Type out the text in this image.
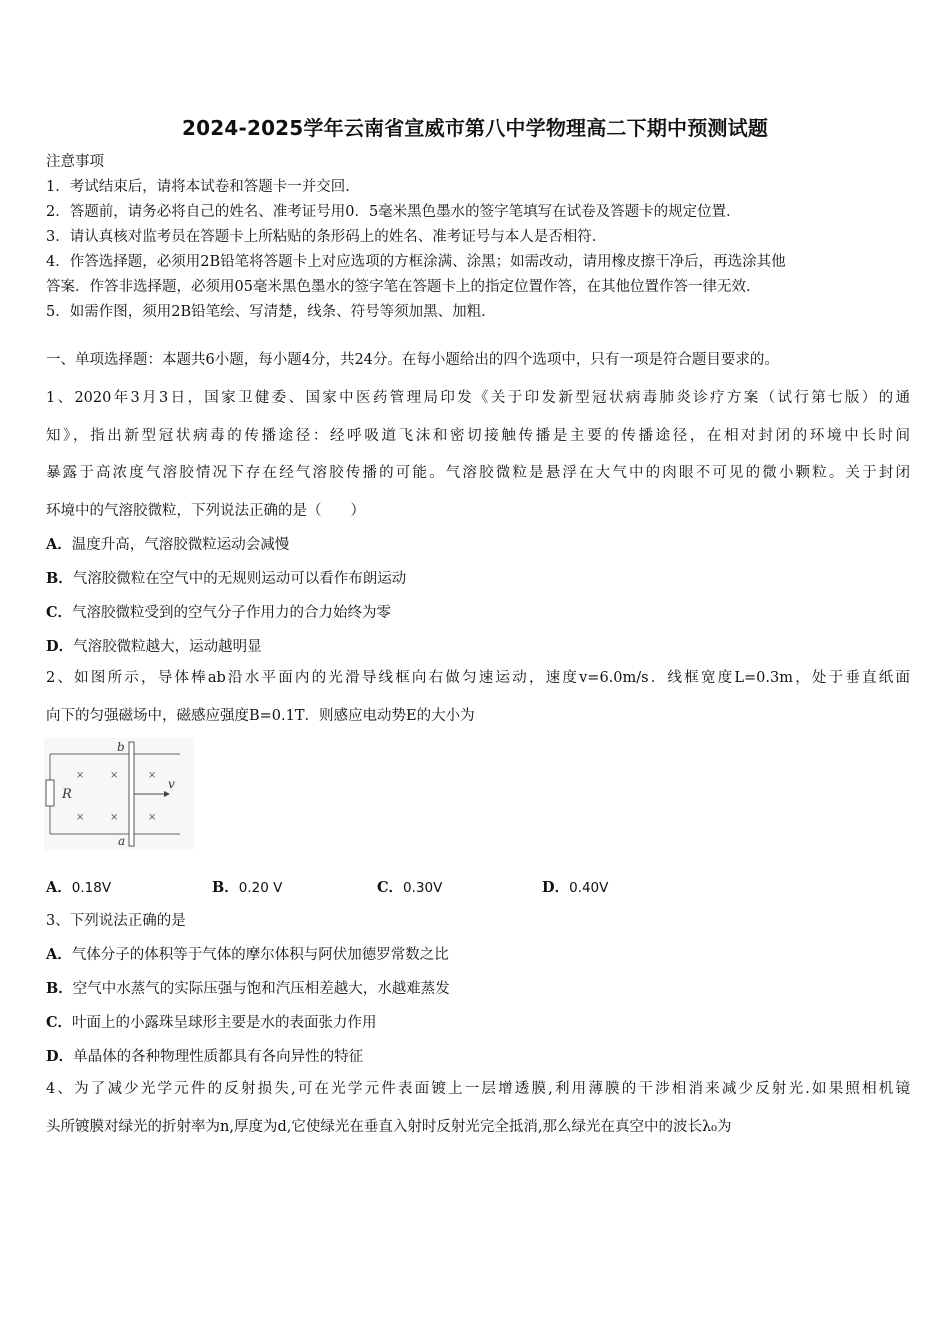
2024-2025学年云南省宣威市第八中学物理高二下期中预测试题
注意事项
1．考试结束后，请将本试卷和答题卡一并交回．
2．答题前，请务必将自己的姓名、准考证号用0．5毫米黑色墨水的签字笔填写在试卷及答题卡的规定位置．
3．请认真核对监考员在答题卡上所粘贴的条形码上的姓名、准考证号与本人是否相符．
4．作答选择题，必须用2B铅笔将答题卡上对应选项的方框涂满、涂黑；如需改动，请用橡皮擦干净后，再选涂其他
答案．作答非选择题，必须用05毫米黑色墨水的签字笔在答题卡上的指定位置作答，在其他位置作答一律无效．
5．如需作图，须用2B铅笔绘、写清楚，线条、符号等须加黑、加粗．
一、单项选择题：本题共6小题，每小题4分，共24分。在每小题给出的四个选项中，只有一项是符合题目要求的。

1、2020年3月3日，国家卫健委、国家中医药管理局印发《关于印发新型冠状病毒肺炎诊疗方案（试行第七版）的通

知》，指出新型冠状病毒的传播途径：经呼吸道飞沫和密切接触传播是主要的传播途径，在相对封闭的环境中长时间

暴露于高浓度气溶胶情况下存在经气溶胶传播的可能。气溶胶微粒是悬浮在大气中的肉眼不可见的微小颗粒。关于封闭

环境中的气溶胶微粒，下列说法正确的是（　　）

A．温度升高，气溶胶微粒运动会减慢
B．气溶胶微粒在空气中的无规则运动可以看作布朗运动
C．气溶胶微粒受到的空气分子作用力的合力始终为零
D．气溶胶微粒越大，运动越明显

2、如图所示，导体棒ab沿水平面内的光滑导线框向右做匀速运动，速度v=6.0m/s．线框宽度L=0.3m，处于垂直纸面

向下的匀强磁场中，磁感应强度B=0.1T．则感应电动势E的大小为

×	×	×
×	×	×
b
a
R
v
A．0.18V	B．0.20 V	C．0.30V	D．0.40V
3、下列说法正确的是
A．气体分子的体积等于气体的摩尔体积与阿伏加德罗常数之比
B．空气中水蒸气的实际压强与饱和汽压相差越大，水越难蒸发
C．叶面上的小露珠呈球形主要是水的表面张力作用
D．单晶体的各种物理性质都具有各向异性的特征

4、为了减少光学元件的反射损失,可在光学元件表面镀上一层增透膜,利用薄膜的干涉相消来减少反射光.如果照相机镜

头所镀膜对绿光的折射率为n,厚度为d,它使绿光在垂直入射时反射光完全抵消,那么绿光在真空中的波长λ₀为
